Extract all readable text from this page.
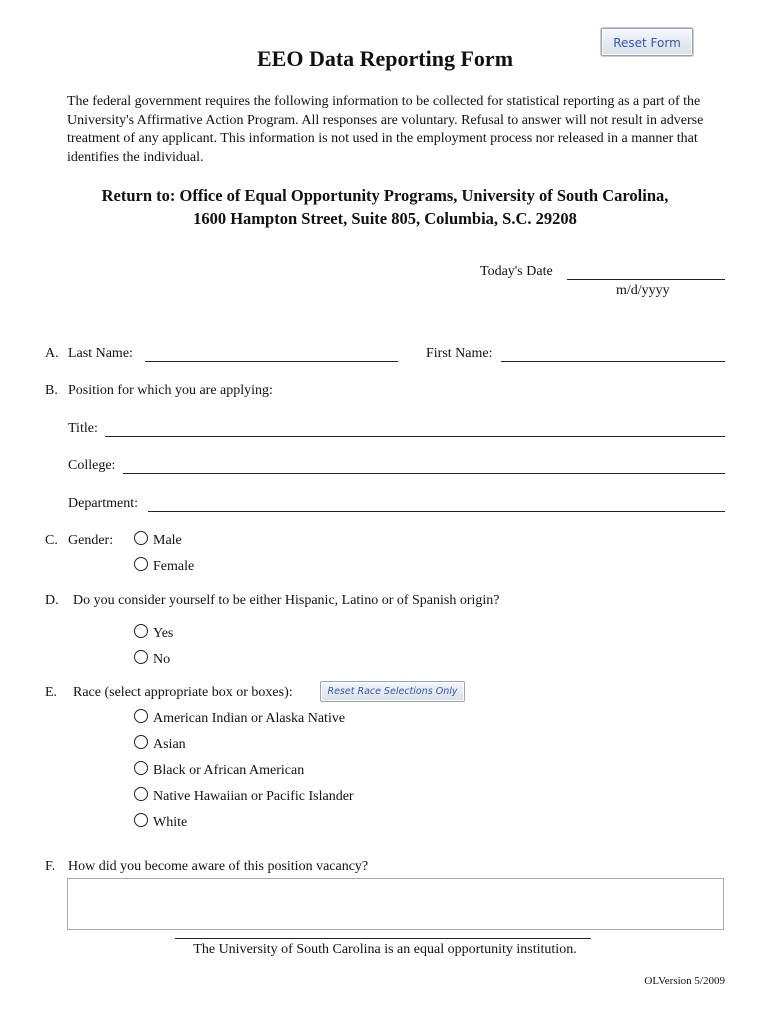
Reset Form
EEO Data Reporting Form
The federal government requires the following information to be collected for statistical reporting as a part of the University's Affirmative Action Program. All responses are voluntary. Refusal to answer will not result in adverse treatment of any applicant. This information is not used in the employment process nor released in a manner that identifies the individual.
Return to: Office of Equal Opportunity Programs, University of South Carolina,
1600 Hampton Street, Suite 805, Columbia, S.C. 29208
Today's Date
m/d/yyyy
A. Last Name:	First Name:
B. Position for which you are applying:
Title:
College:
Department:
C. Gender:	Male
Female
D. Do you consider yourself to be either Hispanic, Latino or of Spanish origin?
Yes
No
E. Race (select appropriate box or boxes):	Reset Race Selections Only
American Indian or Alaska Native
Asian
Black or African American
Native Hawaiian or Pacific Islander
White
F. How did you become aware of this position vacancy?
The University of South Carolina is an equal opportunity institution.
OLVersion 5/2009
